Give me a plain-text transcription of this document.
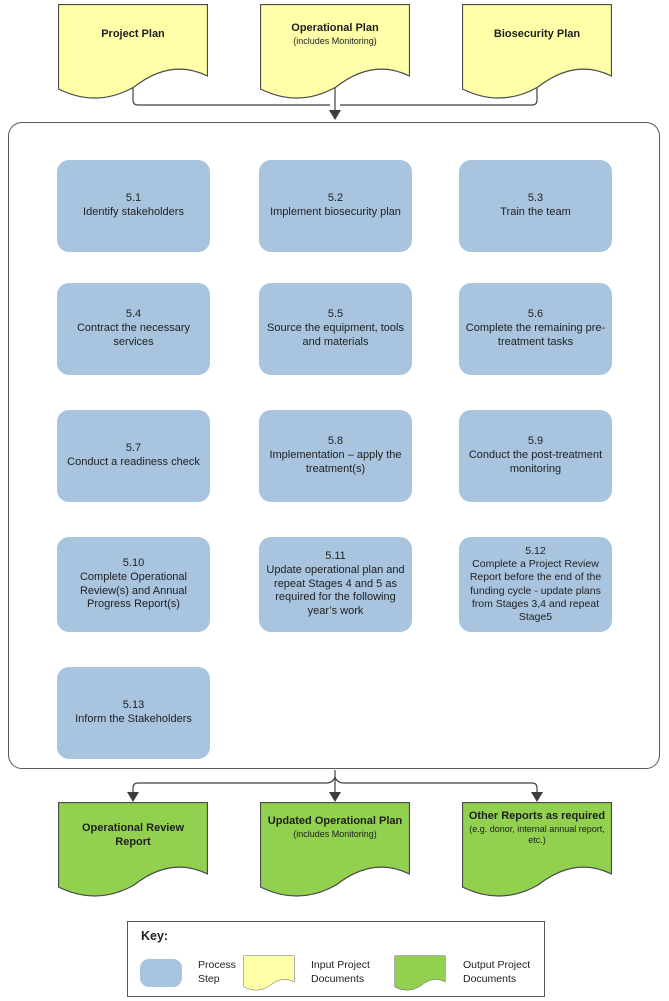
Project Plan	Operational Plan
(includes Monitoring)
Biosecurity Plan
5.1
Identify stakeholders
5.2
Implement biosecurity plan
5.3
Train the team
5.4
Contract the necessary services
5.5
Source the equipment, tools and materials
5.6
Complete the remaining pre-treatment tasks
5.7
Conduct a readiness check
5.8
Implementation – apply the treatment(s)
5.9
Conduct the post-treatment monitoring
5.10
Complete Operational Review(s) and Annual Progress Report(s)
5.11
Update operational plan and repeat Stages 4 and 5 as required for the following year’s work
5.12
Complete a Project Review Report before the end of the funding cycle - update plans from Stages 3,4 and repeat Stage5
5.13
Inform the Stakeholders
Operational Review Report
Updated Operational Plan
(includes Monitoring)
Other Reports as required
(e.g. donor, internal annual report, etc.)
Key:
Process Step
Input Project Documents
Output Project Documents
